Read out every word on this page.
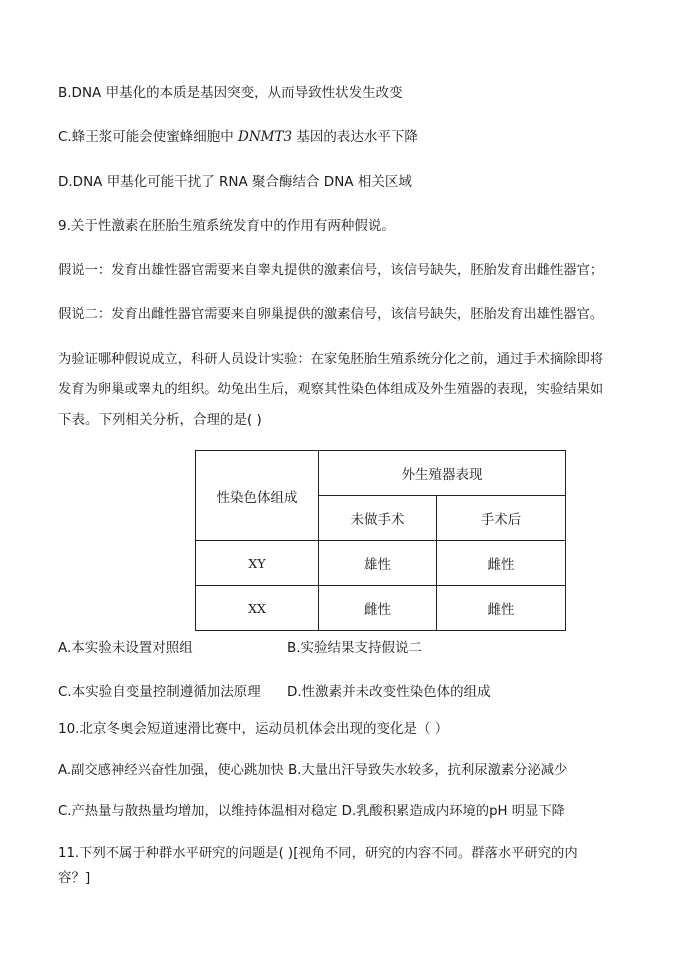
B.DNA 甲基化的本质是基因突变，从而导致性状发生改变
C.蜂王浆可能会使蜜蜂细胞中 DNMT3 基因的表达水平下降
D.DNA 甲基化可能干扰了 RNA 聚合酶结合 DNA 相关区域
9.关于性激素在胚胎生殖系统发育中的作用有两种假说。
假说一：发育出雄性器官需要来自睾丸提供的激素信号，该信号缺失，胚胎发育出雌性器官；
假说二：发育出雌性器官需要来自卵巢提供的激素信号，该信号缺失，胚胎发育出雄性器官。
为验证哪种假说成立，科研人员设计实验：在家兔胚胎生殖系统分化之前，通过手术摘除即将
发育为卵巢或睾丸的组织。幼兔出生后，观察其性染色体组成及外生殖器的表现，实验结果如
下表。下列相关分析，合理的是( )
性染色体组成	外生殖器表现	
	未做手术	手术后
XY	雄性	雌性
XX	雌性	雌性
A.本实验未设置对照组	B.实验结果支持假说二
C.本实验自变量控制遵循加法原理 D.性激素并未改变性染色体的组成
10.北京冬奥会短道速滑比赛中，运动员机体会出现的变化是（ ）
A.副交感神经兴奋性加强，使心跳加快 B.大量出汗导致失水较多，抗利尿激素分泌减少
C.产热量与散热量均增加，以维持体温相对稳定 D.乳酸积累造成内环境的pH 明显下降
11.下列不属于种群水平研究的问题是( )[视角不同，研究的内容不同。群落水平研究的内
容？]
